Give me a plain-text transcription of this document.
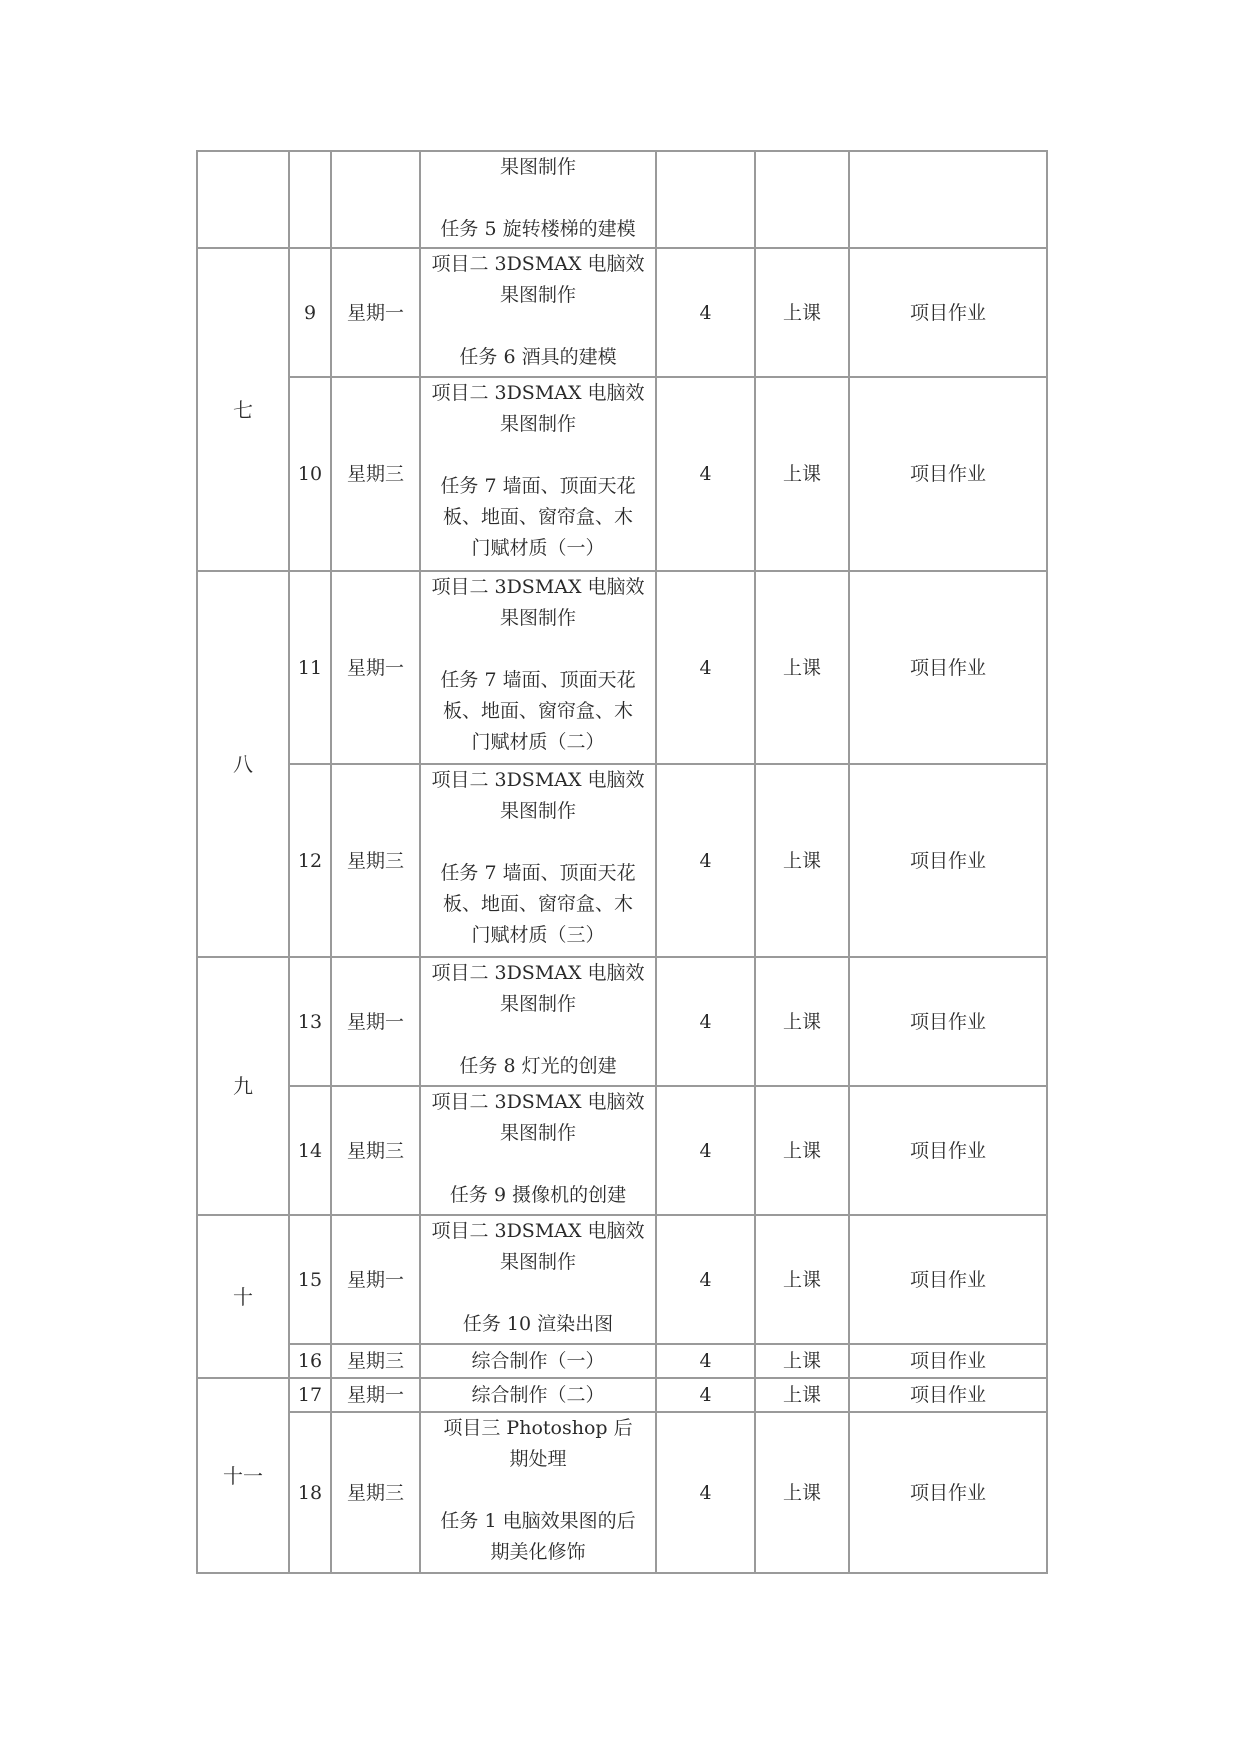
			果图制作
任务 5 旋转楼梯的建模			

七	9	星期一	项目二 3DSMAX 电脑效
果图制作
任务 6 酒具的建模	4	上课	项目作业
	10	星期三	项目二 3DSMAX 电脑效
果图制作
任务 7 墙面、顶面天花
板、地面、窗帘盒、木
门赋材质（一）	4	上课	项目作业
八	11	星期一	项目二 3DSMAX 电脑效
果图制作
任务 7 墙面、顶面天花
板、地面、窗帘盒、木
门赋材质（二）	4	上课	项目作业
	12	星期三	项目二 3DSMAX 电脑效
果图制作
任务 7 墙面、顶面天花
板、地面、窗帘盒、木
门赋材质（三）	4	上课	项目作业
九	13	星期一	项目二 3DSMAX 电脑效
果图制作
任务 8 灯光的创建	4	上课	项目作业
	14	星期三	项目二 3DSMAX 电脑效
果图制作
任务 9 摄像机的创建	4	上课	项目作业
十	15	星期一	项目二 3DSMAX 电脑效
果图制作
任务 10 渲染出图	4	上课	项目作业
	16	星期三	综合制作（一）	4	上课	项目作业
十一	17	星期一	综合制作（二）	4	上课	项目作业
	18	星期三	项目三 Photoshop 后
期处理
任务 1 电脑效果图的后
期美化修饰	4	上课	项目作业
